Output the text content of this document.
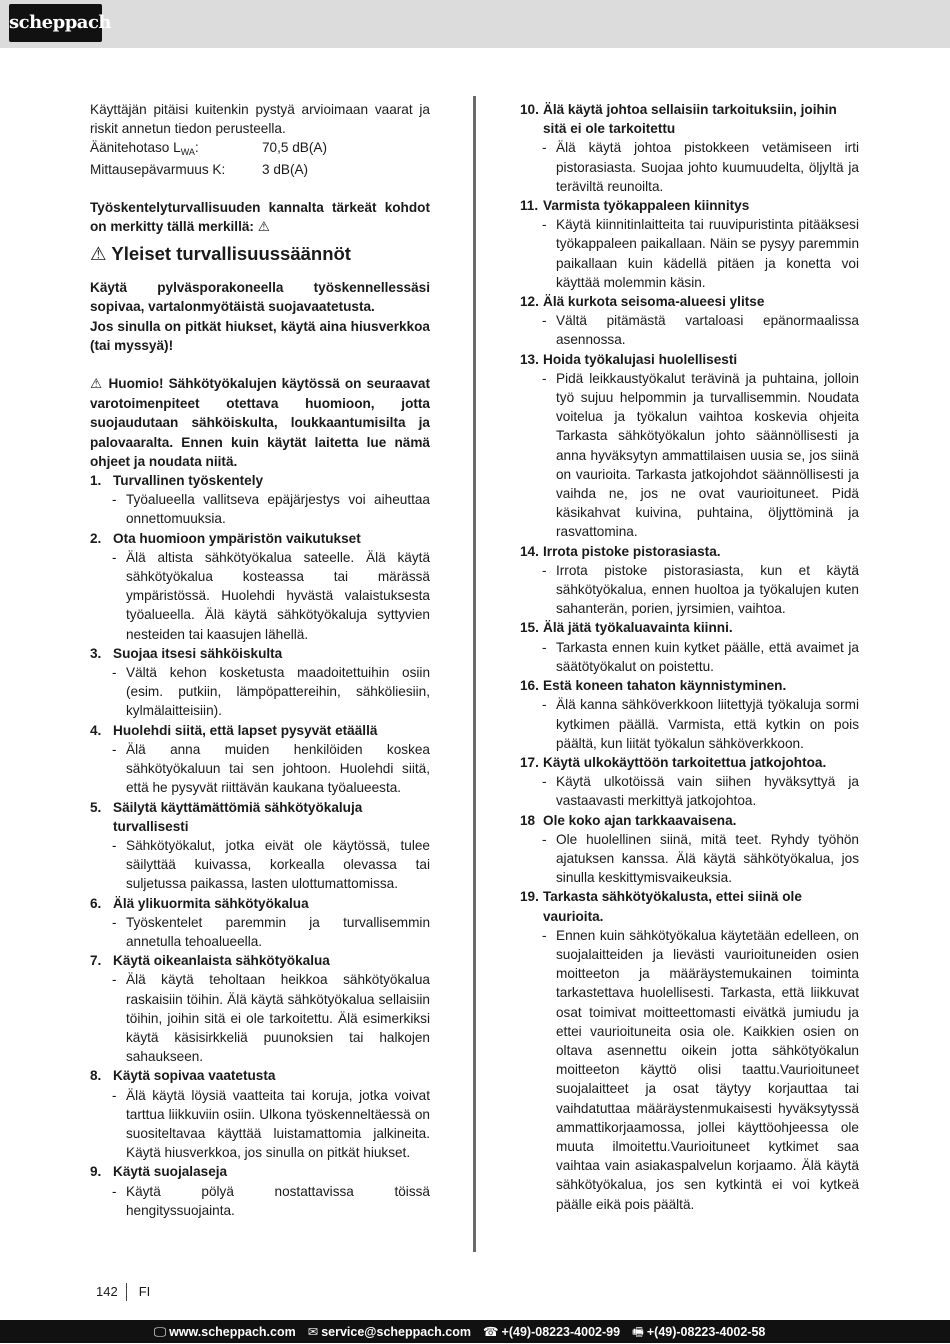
scheppach

Käyttäjän pitäisi kuitenkin pystyä arvioimaan vaarat ja riskit annetun tiedon perusteella.

Äänitehotaso $L_{WA}$:	70,5 dB(A)
Mittausepävarmuus K:	3 dB(A)

Työskentelyturvallisuuden kannalta tärkeät kohdot on merkitty tällä merkillä: ⚠

⚠ Yleiset turvallisuussäännöt

Käytä pylväsporakoneella työskennellessäsi sopivaa, vartalonmyötäistä suojavaatetusta.

Jos sinulla on pitkät hiukset, käytä aina hiusverkkoa (tai myssyä)!

⚠ Huomio! Sähkötyökalujen käytössä on seuraavat varotoimenpiteet otettava huomioon, jotta suojaudutaan sähköiskulta, loukkaantumisilta ja palovaaralta. Ennen kuin käytät laitetta lue nämä ohjeet ja noudata niitä.

1. Turvallinen työskentely
- Työalueella vallitseva epäjärjestys voi aiheuttaa onnettomuuksia.
2. Ota huomioon ympäristön vaikutukset
- Älä altista sähkötyökalua sateelle. Älä käytä sähkötyökalua kosteassa tai märässä ympäristössä. Huolehdi hyvästä valaistuksesta työalueella. Älä käytä sähkötyökaluja syttyvien nesteiden tai kaasujen lähellä.
3. Suojaa itsesi sähköiskulta
- Vältä kehon kosketusta maadoitettuihin osiin (esim. putkiin, lämpöpattereihin, sähköliesiin, kylmälaitteisiin).
4. Huolehdi siitä, että lapset pysyvät etäällä
- Älä anna muiden henkilöiden koskea sähkötyökaluun tai sen johtoon. Huolehdi siitä, että he pysyvät riittävän kaukana työalueesta.
5. Säilytä käyttämättömiä sähkötyökaluja turvallisesti
- Sähkötyökalut, jotka eivät ole käytössä, tulee säilyttää kuivassa, korkealla olevassa tai suljetussa paikassa, lasten ulottumattomissa.
6. Älä ylikuormita sähkötyökalua
- Työskentelet paremmin ja turvallisemmin annetulla tehoalueella.
7. Käytä oikeanlaista sähkötyökalua
- Älä käytä teholtaan heikkoa sähkötyökalua raskaisiin töihin. Älä käytä sähkötyökalua sellaisiin töihin, joihin sitä ei ole tarkoitettu. Älä esimerkiksi käytä käsisirkkeliä puunoksien tai halkojen sahaukseen.
8. Käytä sopivaa vaatetusta
- Älä käytä löysiä vaatteita tai koruja, jotka voivat tarttua liikkuviin osiin. Ulkona työskenneltäessä on suositeltavaa käyttää luistamattomia jalkineita. Käytä hiusverkkoa, jos sinulla on pitkät hiukset.
9. Käytä suojalaseja
- Käytä pölyä nostattavissa töissä hengityssuojainta.
10. Älä käytä johtoa sellaisiin tarkoituksiin, joihin sitä ei ole tarkoitettu
- Älä käytä johtoa pistokkeen vetämiseen irti pistorasiasta. Suojaa johto kuumuudelta, öljyltä ja teräviltä reunoilta.
11. Varmista työkappaleen kiinnitys
- Käytä kiinnitinlaitteita tai ruuvipuristinta pitääksesi työkappaleen paikallaan. Näin se pysyy paremmin paikallaan kuin kädellä pitäen ja konetta voi käyttää molemmin käsin.
12. Älä kurkota seisoma-alueesi ylitse
- Vältä pitämästä vartaloasi epänormaalissa asennossa.
13. Hoida työkalujasi huolellisesti
- Pidä leikkaustyökalut terävinä ja puhtaina, jolloin työ sujuu helpommin ja turvallisemmin. Noudata voitelua ja työkalun vaihtoa koskevia ohjeita Tarkasta sähkötyökalun johto säännöllisesti ja anna hyväksytyn ammattilaisen uusia se, jos siinä on vaurioita. Tarkasta jatkojohdot säännöllisesti ja vaihda ne, jos ne ovat vaurioituneet. Pidä käsikahvat kuivina, puhtaina, öljyttöminä ja rasvattomina.
14. Irrota pistoke pistorasiasta.
- Irrota pistoke pistorasiasta, kun et käytä sähkötyökalua, ennen huoltoa ja työkalujen kuten sahanterän, porien, jyrsimien, vaihtoa.
15. Älä jätä työkaluavainta kiinni.
- Tarkasta ennen kuin kytket päälle, että avaimet ja säätötyökalut on poistettu.
16. Estä koneen tahaton käynnistyminen.
- Älä kanna sähköverkkoon liitettyjä työkaluja sormi kytkimen päällä. Varmista, että kytkin on pois päältä, kun liität työkalun sähköverkkoon.
17. Käytä ulkokäyttöön tarkoitettua jatkojohtoa.
- Käytä ulkotöissä vain siihen hyväksyttyä ja vastaavasti merkittyä jatkojohtoa.
18 Ole koko ajan tarkkaavaisena.
- Ole huolellinen siinä, mitä teet. Ryhdy työhön ajatuksen kanssa. Älä käytä sähkötyökalua, jos sinulla keskittymisvaikeuksia.
19. Tarkasta sähkötyökalusta, ettei siinä ole vaurioita.
- Ennen kuin sähkötyökalua käytetään edelleen, on suojalaitteiden ja lievästi vaurioituneiden osien moitteeton ja määräystemukainen toiminta tarkastettava huolellisesti. Tarkasta, että liikkuvat osat toimivat moitteettomasti eivätkä jumiudu ja ettei vaurioituneita osia ole. Kaikkien osien on oltava asennettu oikein jotta sähkötyökalun moitteeton käyttö olisi taattu.Vaurioituneet suojalaitteet ja osat täytyy korjauttaa tai vaihdatuttaa määräystenmukaisesti hyväksytyssä ammattikorjaamossa, jollei käyttöohjeessa ole muuta ilmoitettu.Vaurioituneet kytkimet saa vaihtaa vain asiakaspalvelun korjaamo. Älä käytä sähkötyökalua, jos sen kytkintä ei voi kytkeä päälle eikä pois päältä.
142	FI
🖵 www.scheppach.com ✉ service@scheppach.com ☎ +(49)-08223-4002-99 🖷 +(49)-08223-4002-58
